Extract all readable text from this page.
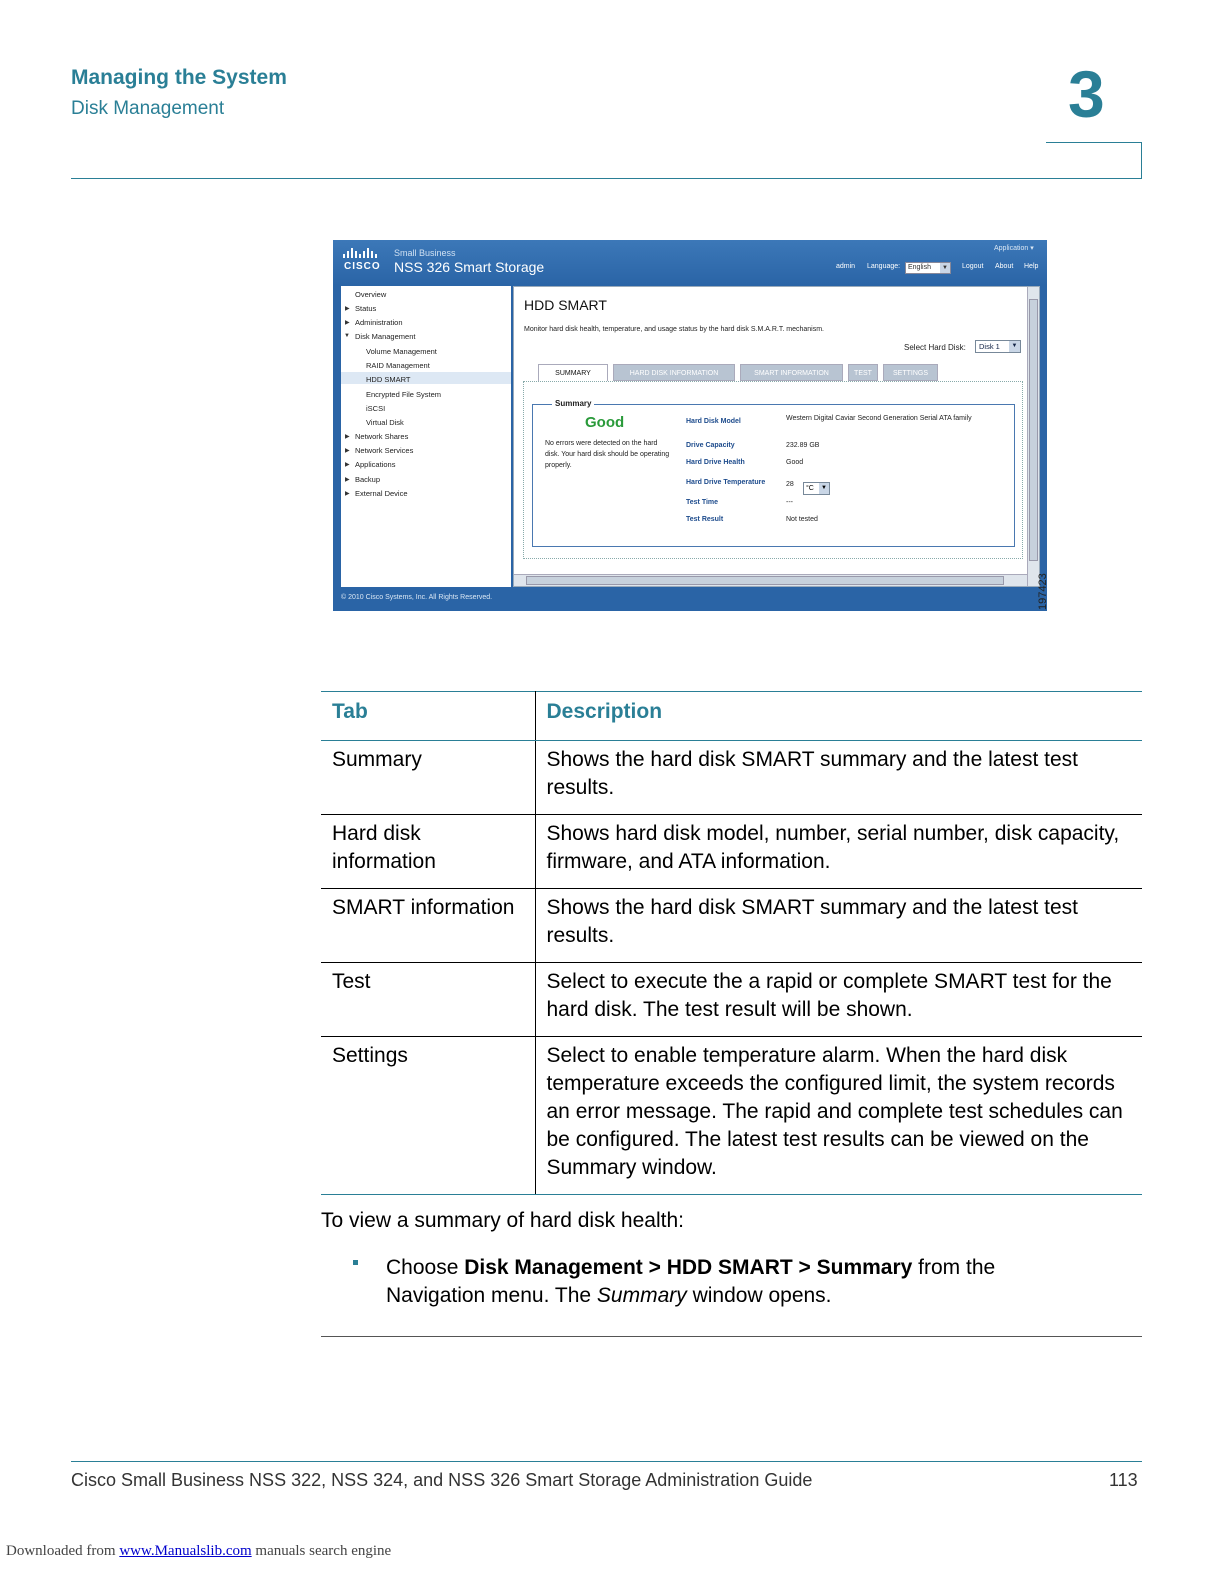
Managing the System
Disk Management	3
CISCO
Small Business
NSS 326 Smart Storage
Application ▾
admin Language:	English	▼ Logout About Help
Overview
▶ Status
▶ Administration
▼ Disk Management
Volume Management
RAID Management
HDD SMART
Encrypted File System
iSCSI
Virtual Disk
▶ Network Shares
▶ Network Services
▶ Applications
▶ Backup
▶ External Device
HDD SMART
Monitor hard disk health, temperature, and usage status by the hard disk S.M.A.R.T. mechanism.
Select Hard Disk:	Disk 1	▼
SUMMARY	HARD DISK INFORMATION	SMART INFORMATION	TEST	SETTINGS
Summary
Good
No errors were detected on the hard disk. Your hard disk should be operating properly.
Hard Disk Model	Western Digital Caviar Second Generation Serial ATA family
Drive Capacity	232.89 GB
Hard Drive Health	Good
Hard Drive Temperature	28
°C	▼
Test Time	---
Test Result	Not tested
© 2010 Cisco Systems, Inc. All Rights Reserved.	197423
Tab	Description
Summary	Shows the hard disk SMART summary and the latest test results.
Hard disk information	Shows hard disk model, number, serial number, disk capacity, firmware, and ATA information.
SMART information	Shows the hard disk SMART summary and the latest test results.
Test	Select to execute the a rapid or complete SMART test for the hard disk. The test result will be shown.
Settings	Select to enable temperature alarm. When the hard disk temperature exceeds the configured limit, the system records an error message. The rapid and complete test schedules can be configured. The latest test results can be viewed on the Summary window.
To view a summary of hard disk health:
Choose Disk Management > HDD SMART > Summary from the Navigation menu. The Summary window opens.
Cisco Small Business NSS 322, NSS 324, and NSS 326 Smart Storage Administration Guide	113
Downloaded from www.Manualslib.com manuals search engine
